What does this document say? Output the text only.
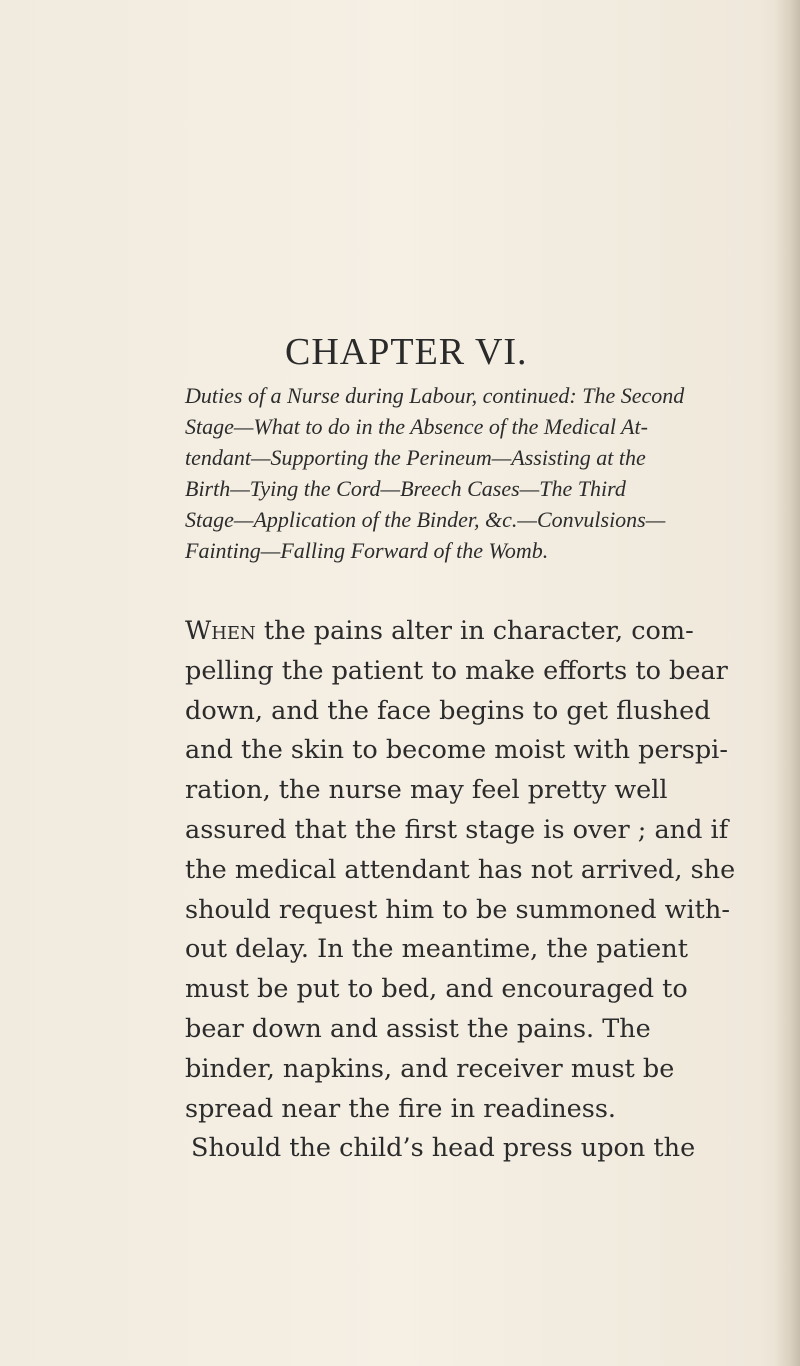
CHAPTER VI.
Duties of a Nurse during Labour, continued: The Second
Stage—What to do in the Absence of the Medical At-
tendant—Supporting the Perineum—Assisting at the
Birth—Tying the Cord—Breech Cases—The Third
Stage—Application of the Binder, &c.—Convulsions—
Fainting—Falling Forward of the Womb.
When the pains alter in character, com-
pelling the patient to make efforts to bear
down, and the face begins to get flushed
and the skin to become moist with perspi-
ration, the nurse may feel pretty well
assured that the first stage is over ; and if
the medical attendant has not arrived, she
should request him to be summoned with-
out delay. In the meantime, the patient
must be put to bed, and encouraged to
bear down and assist the pains. The
binder, napkins, and receiver must be
spread near the fire in readiness.
Should the child’s head press upon the
